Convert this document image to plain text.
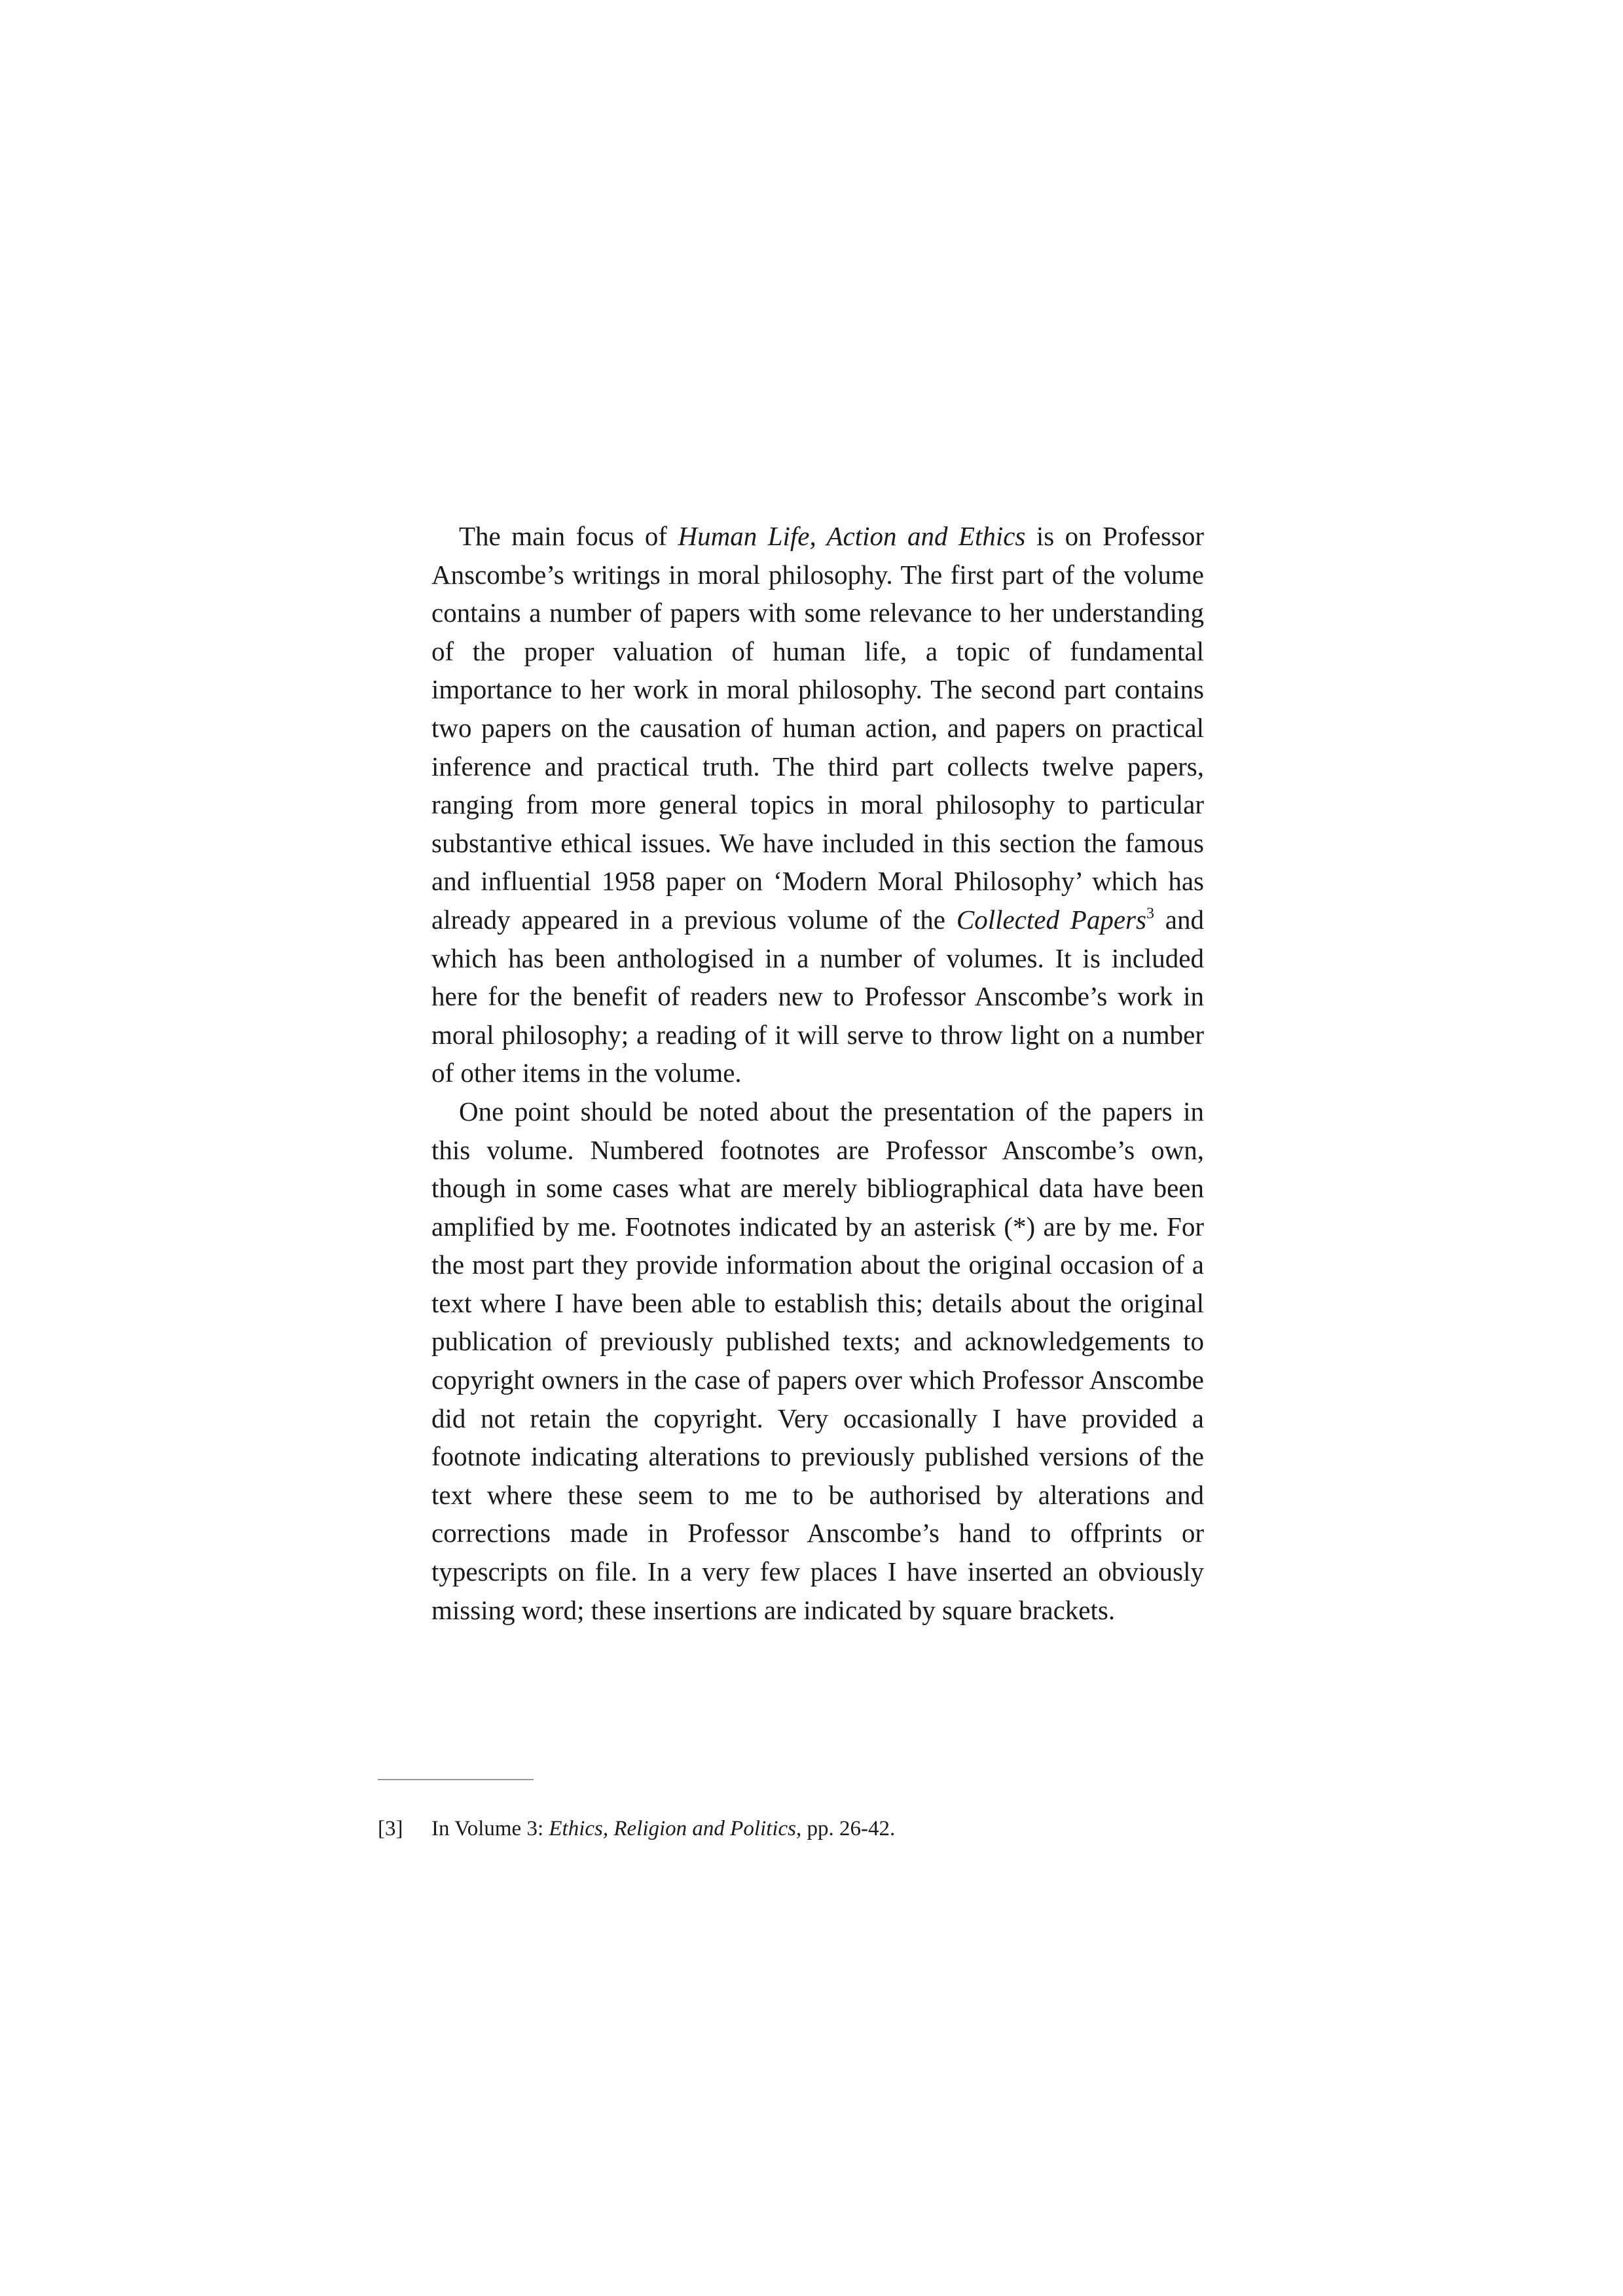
The main focus of Human Life, Action and Ethics is on Professor Anscombe’s writings in moral philosophy. The first part of the volume contains a number of papers with some relevance to her understanding of the proper valuation of human life, a topic of fundamental importance to her work in moral philosophy. The second part contains two papers on the causation of human action, and papers on practical inference and practical truth. The third part collects twelve papers, ranging from more general topics in moral philosophy to particular substantive ethical issues. We have included in this section the famous and influential 1958 paper on ‘Modern Moral Philosophy’ which has already appeared in a previous volume of the Collected Papers$^3$ and which has been anthologised in a number of volumes. It is included here for the benefit of readers new to Professor Anscombe’s work in moral philosophy; a reading of it will serve to throw light on a number of other items in the volume.

One point should be noted about the presentation of the papers in this volume. Numbered footnotes are Professor Anscombe’s own, though in some cases what are merely bibliographical data have been amplified by me. Footnotes indicated by an asterisk (*) are by me. For the most part they provide information about the original occasion of a text where I have been able to establish this; details about the original publication of previously published texts; and acknowledgements to copyright owners in the case of papers over which Professor Anscombe did not retain the copyright. Very occasionally I have provided a footnote indicating alterations to previously published versions of the text where these seem to me to be authorised by alterations and corrections made in Professor Anscombe’s hand to offprints or typescripts on file. In a very few places I have inserted an obviously missing word; these insertions are indicated by square brackets.

[3] In Volume 3: Ethics, Religion and Politics, pp. 26-42.
